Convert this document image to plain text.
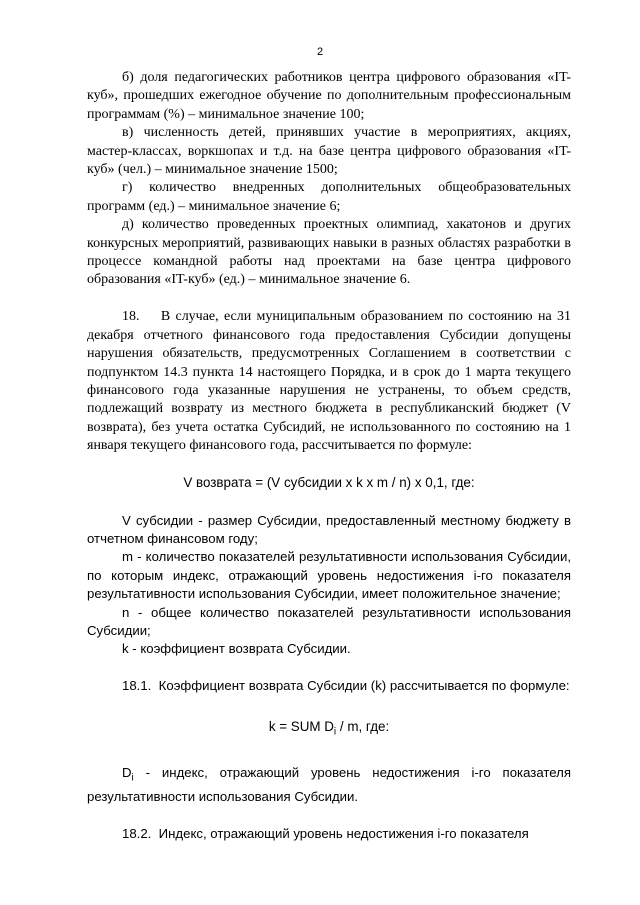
2

б) доля педагогических работников центра цифрового образования «IT-куб», прошедших ежегодное обучение по дополнительным профессиональным программам (%) – минимальное значение 100;

в) численность детей, принявших участие в мероприятиях, акциях, мастер-классах, воркшопах и т.д. на базе центра цифрового образования «IT-куб» (чел.) – минимальное значение 1500;

г) количество внедренных дополнительных общеобразовательных программ (ед.) – минимальное значение 6;

д) количество проведенных проектных олимпиад, хакатонов и других конкурсных мероприятий, развивающих навыки в разных областях разработки в процессе командной работы над проектами на базе центра цифрового образования «IT-куб» (ед.) – минимальное значение 6.

18. В случае, если муниципальным образованием по состоянию на 31 декабря отчетного финансового года предоставления Субсидии допущены нарушения обязательств, предусмотренных Соглашением в соответствии с подпунктом 14.3 пункта 14 настоящего Порядка, и в срок до 1 марта текущего финансового года указанные нарушения не устранены, то объем средств, подлежащий возврату из местного бюджета в республиканский бюджет (V возврата), без учета остатка Субсидий, не использованного по состоянию на 1 января текущего финансового года, рассчитывается по формуле:

V возврата = (V субсидии x k x m / n) x 0,1, где:

V субсидии - размер Субсидии, предоставленный местному бюджету в отчетном финансовом году;

m - количество показателей результативности использования Субсидии, по которым индекс, отражающий уровень недостижения i-го показателя результативности использования Субсидии, имеет положительное значение;

n - общее количество показателей результативности использования Субсидии;

k - коэффициент возврата Субсидии.

18.1. Коэффициент возврата Субсидии (k) рассчитывается по формуле:

k = SUM $D_i$ / m, где:

$D_i$ - индекс, отражающий уровень недостижения i-го показателя результативности использования Субсидии.

18.2. Индекс, отражающий уровень недостижения i-го показателя
